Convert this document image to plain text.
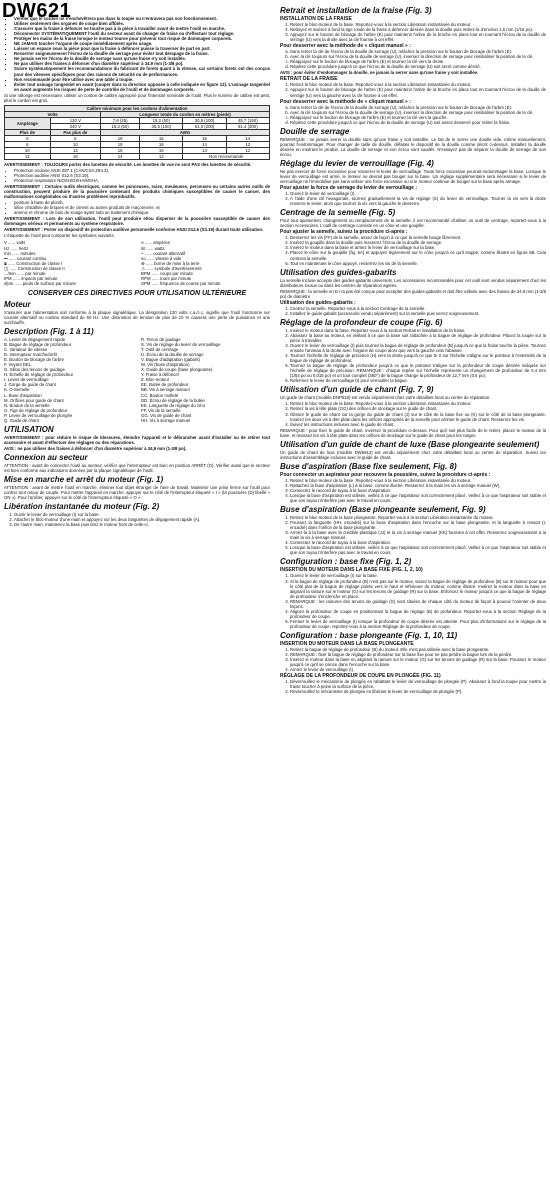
DW621
▪ Vérifier que le cordon ne s'enchevêtrera pas dans la toupie ou n'entravera pas son fonctionnement.
▪ Utiliser seulement des organes de coupe bien affûtés.
▪ S'assurer que la fraise à défoncer ne touche pas à la pièce à travailler avant de mettre l'outil en marche.
▪ Déconnecter SYSTÉMATIQUEMENT l'outil du secteur avant de changer de fraise ou d'effectuer tout réglage.
▪ Protéger les mains de la fraise lorsque le moteur tourne pour prévenir tout risque de dommages corporels.
▪ NE JAMAIS toucher l'organe de coupe immédiatement après usage.
▪ Laisser un espace sous la pièce pour que la fraise à défoncer puisse la traverser de part en part.
▪ Resserrer soigneusement l'écrou de la douille de serrage pour éviter tout dérapage de la fraise.
▪ Ne jamais serrer l'écrou de la douille de serrage sans qu'une fraise n'y soit installée.
▪ Ne pas utiliser des fraises à défoncer d'un diamètre supérieur à 34,9 mm (1-3/8 po).
▪ Suivre systématiquement les recommandations du fabricant de forets quant à la vitesse, car certains forets ont des conçus pour des vitesses spécifiques pour des raisons de sécurité ou de performances.
▪ Non recommandé pour être utilisé avec une table à toupie.
▪ Éviter tout usinage tangentiel en avant (couper dans la direction opposée à celle indiquée en figure 12). L'usinage tangentiel en avant augmente les risques de perte de contrôle de l'outil et de dommages corporels.

Si une rallonge est nécessaire, utiliser un cordon de calibre approprié pour l'intensité nominale de l'outil. Plus le numéro de calibre est petit, plus le cordon est gros.

Calibre minimum pour les cordons d'alimentation					
Volts		Longueur totale du cordon en mètres (pieds)			
Ampérage	120 V	7,6 (25)	15,2 (50)	30,5 (100)	45,7 (150)
	240 V	15,2 (50)	30,5 (100)	61,0 (200)	91,4 (300)
Plus de	Pas plus de	AWG			
0	6	18	16	16	14
6	10	18	16	14	12
10	12	16	16	14	12
12	16	14	12	Non recommandé	

AVERTISSEMENT : TOUJOURS porter des lunettes de sécurité. Les lunettes de vue ne sont PAS des lunettes de sécurité.

• Protection oculaire ANSI Z87.1 (CAN/CSA Z94.3),
• Protection auditive ANSI S12.6 (S3.19),
• Protection respiratoire NIOSH/OSHA/MSHA.

AVERTISSEMENT : Certains outils électriques, comme les ponceuses, scies, meuleuses, perceuses ou certains autres outils de construction, peuvent produire de la poussière contenant des produits chimiques susceptibles de causer le cancer, des malformations congénitales ou d'autres problèmes reproductifs.

• peinture à base de plomb,
• silice cristalline de briques et de ciment ou autres produits de maçonnerie, et
• arsenic et chrome de bois de sciage ayant subi un traitement chimique.

AVERTISSEMENT : Lors de son utilisation, l'outil peut produire et/ou disperser de la poussière susceptible de causer des dommages sérieux et permanents au système respiratoire.

AVERTISSEMENT : Porter un dispositif de protection auditive personnelle conforme ANSI S12.6 (S3.19) durant toute utilisation.

L'étiquette de l'outil peut comporter les symboles suivants.

V ...... volts	A ...... ampères
Hz ...... hertz	W ...... watts
min ...... minutes	~ ...... courant alternatif
⎓ ...... courant continu	no ...... vitesse à vide
⧈ ...... Construction de classe I	⊕ ...... borne de mise à la terre
◫ ...... Construction de classe II	⚠ ...... symbole d'avertissement
.../min ...... par minute	BPM ...... coups par minute
IPM ...... impacts par minute	RPM ...... tours par minute
sfpm ...... pieds de surface par minute	SPM ...... fréquence de course par minute
CONSERVER CES DIRECTIVES POUR UTILISATION ULTÉRIEURE
Moteur

S'assurer que l'alimentation soit conforme à la plaque signalétique. La désignation 120 volts c.a./c.c. signifie que l'outil fonctionne sur courant alternatif ou continu standard de 60 Hz. Une diminution de tension de plus de 10 % causera une perte de puissance et une surchauffe.

Description (Fig. 1 à 11)
A. Levier de dégagement rapide	R. Tenon de guidage
B. Bague de réglage de profondeur	S. Vis de réglage du levier de verrouillage
C. Variateur de vitesse	T. Outil de centrage
D. Interrupteur marche/arrêt	U. Écrou de la douille de serrage
E. Bouton de blocage de l'arbre	V. Bague d'adaptation (gabarit)
F. Voyant DEL	W. Vis (buse d'aspiration)
G. Sillon des tenons de guidage	X. Guide de coupe (base plongeante)
H. Échelle de réglage de profondeur	Y. Fraise à défoncer
I. Levier de verrouillage	Z. Bloc-moteur
J. Gorge du guide de chant	EE. Butée de profondeur
K. O-Semelle	BB. Vis à serrage manuel
L. Buse d'aspiration	CC. Bouton molleté
M. Orifices pour guide de chant	DD. Écrou de réglage de la butée
N. Bouton de la semelle	EE. Languette de réglage du zéro
O. Tige de réglage de profondeur	FF. Vis de la semelle
P. Levier de verrouillage de plongée	GG. Vis de guide de chant
Q. Guide de chant	HH. Vis à serrage manuel
UTILISATION

AVERTISSEMENT : pour réduire le risque de blessures, éteindre l'appareil et le débrancher avant d'installer ou de retirer tout accessoire et avant d'effectuer des réglages ou des réparations.

AVIS : ne pas utiliser des fraises à défoncer d'un diamètre supérieur à 34,9 mm (1-3/8 po).

Connexion au secteur

ATTENTION : avant de connecter l'outil au secteur, vérifier que l'interrupteur est bien en position ARRÊT (O). Vérifier aussi que le secteur est bien conforme aux indications données par la plaque signalétique de l'outil.

Mise en marche et arrêt du moteur (Fig. 1)

ATTENTION : avant de mettre l'outil en marche, éliminer tout objet étranger de l'aire de travail. Maintenir une prise ferme sur l'outil pour contrer tout retour de couple. Pour mettre l'appareil en marche, appuyer sur le côté de l'interrupteur étiqueté « I » (la poussière (D) libellé « ON »). Pour l'arrêter, appuyer sur le côté de l'interrupteur étiqueté « O ».

Libération instantanée du moteur (Fig. 2)
1. Ouvrir le levier de verrouillage (I) sur la base.
2. Attacher le bloc-moteur d'une main et appuyez sur les deux languettes de dégagement rapide (A).
3. De l'autre main, maintenez la base puis tirez le moteur hors de celle-ci.
Retrait et installation de la fraise (Fig. 3)
INSTALLATION DE LA FRAISE
1. Retirez le bloc-moteur de la base. Reportez-vous à la section Libération instantanée du moteur.
2. Nettoyez et insérez à fond la tige ronde de la fraise à défoncer désirée dans la douille puis retirez-la d'environ 1,6 mm (1/16 po).
3. Appuyez sur le bouton de blocage de l'arbre (E) pour maintenir l'arbre de la broche en place tout en tournant l'écrou de la douille de serrage (U) vers la droite avec la clé fournie à cet effet.
Pour desserrer avec la méthode de « cliquet manuel » :
a. Sans retirer la clé de l'écrou de la douille de serrage (U), relâchez la pression sur le bouton de blocage de l'arbre (E).
b. Avec la clé toujours sur l'écrou de la douille de serrage (U), inversez la direction de serrage pour réinitialiser la position de la clé.
c. Réappuyez sur le bouton de blocage de l'arbre (E) et tournez la clé vers la droite.
d. Répétez cette procédure jusqu'à ce que l'écrou de la douille de serrage (U) soit serré comme désiré.

AVIS : pour éviter d'endommager la douille, ne jamais la serrer sans qu'une fraise y soit installée.

RETRAIT DE LA FRAISE
1. Retirez le bloc-moteur de la base. Reportez-vous à la section Libération instantanée du moteur.
2. Appuyez sur le bouton de blocage de l'arbre (E) pour maintenir l'arbre de la broche en place tout en tournant l'écrou de la douille de serrage (U) vers la gauche avec la clé fournie à cet effet.
Pour desserrer avec la méthode de « cliquet manuel » :
a. Sans retirer la clé de l'écrou de la douille de serrage (U), relâchez la pression sur le bouton de blocage de l'arbre (E).
b. Avec la clé toujours sur l'écrou de la douille de serrage (U), inversez la direction de serrage pour réinitialiser la position de la clé.
c. Réappuyez sur le bouton de blocage de l'arbre (E) et tournez la clé vers la gauche.
d. Répétez cette procédure jusqu'à ce que l'écrou de la douille de serrage (U) soit assez desserré pour retirer la fraise.
Douille de serrage

REMARQUE : ne jamais serrer la douille sans qu'une fraise y soit installée. Le fait de le serrer une douille vide, même manuellement, pourrait l'endommager. Pour changer de taille de douille, défaites le dispositif de la douille comme décrit ci-dessus. Installez la douille désirée en insérant le produit. La douille de serrage et son écrou sont soudés. N'essayez pas de séparer la douille de serrage de son écrou.

Réglage du levier de verrouillage (Fig. 4)

Ne pas exercer de force excessive pour resserrer le levier de verrouillage. Toute force excessive pourrait endommager la base. Lorsque le levier de verrouillage est armé, le moteur ne devrait pas bouger sur la base. Un réglage supplémentaire sera nécessaire si le levier de verrouillage ne l'immobilise pas sans utiliser une force excessive ou si le moteur continue de bouger sur la base après armage.

Pour ajuster la force de serrage du levier de verrouillage :
1. Ouvrez le levier de verrouillage (I).
2. À l'aide d'une clé hexagonale, tournez graduellement la vis de réglage (S) du levier de verrouillage. Tourner la vis vers la droite resserre le levier, alors que tourner la vis vers la gauche le desserre.
Centrage de la semelle (Fig. 5)

Pour tout ajustement, changement ou remplacement de la semelle, il est recommandé d'utiliser un outil de centrage, reportez-vous à la section Accessoires. L'outil de centrage consiste en un cône et une goupille.

Pour ajuster la semelle, suivez la procédure ci-après :
1. Desserrez les vis (FF) de la semelle, assez de façon à ce que la semelle bouge librement.
2. Insérez la goupille dans la douille puis resserrez l'écrou de la douille de serrage.
3. Insérez le moteur dans la base et armez le levier de verrouillage sur la base.
4. Placez le cône sur la goupille (fig. 5A) et appuyez légèrement sur le cône jusqu'à ce qu'il stoppe, comme illustré en figure 5B. Cela centrera la semelle.
5. Tout en maintenant le cône appuyé, resserrez les vis de la semelle.
Utilisation des guides-gabarits

La semelle incluse accepte des guides-gabarits universels. Les accessoires recommandés pour cet outil sont vendus séparément chez les distributeurs locaux ou dans les centres de réparation agréés.

REMARQUE : la semelle en D n'a pas été conçue pour accepter des guides-gabarits et doit être utilisée avec des fraises de 34,9 mm (1-3/8 po) de diamètre.

Utilisation des guides-gabarits :
1. Centrez la semelle. Reportez-vous à la section Centrage de la semelle.
2. Installez le guide-gabarit (accessoire vendu séparément) sur la semelle puis serrez soigneusement.
Réglage de la profondeur de coupe (Fig. 6)
1. Insérez le moteur dans la base. Reportez-vous à la section Retrait et installation de la fraise.
2. Abaissez la base au moteur, en veillant à ce que la base soit rattachée à la bague de réglage de profondeur. Placez la toupie sur la pièce à travailler.
3. Ouvrez le levier de verrouillage (I) puis tournez la bague de réglage de profondeur (B) jusqu'à ce que la fraise touche la pièce. Tournez ensuite l'anneau à la droite avec l'organe de coupe alors que vers la gauche cela l'abaisse.
4. Tournez l'échelle de réglage de précision (H) vers la droite jusqu'à ce que le 0 sur l'échelle s'aligne sur le pointeur à l'extrémité de la bague de réglage de profondeur.
5. Tournez la bague de réglage de profondeur jusqu'à ce que le pointeur s'aligne sur la profondeur de coupe désirée indiquée sur l'échelle de réglage de précision. REMARQUE : chaque repère sur l'échelle représente un changement de profondeur de 0,4 mm (1/64 po ou 0,015 po) et un tour complet (360°) de la bague change la profondeur de 12,7 mm (0,5 po).
6. Refermez le levier de verrouillage (I) pour verrouiller la bague.
Utilisation d'un guide de chant (Fig. 7, 9)

Un guide de chant (modèle DNP618) est vendu séparément chez votre détaillant local ou centre de réparation.

1. Retirez le bloc-moteur de la base. Reportez-vous à la section Libération instantanée du moteur.
2. Retirez la vis à tête plate (GG) des orifices de stockage sur le guide de chant.
3. Glissez le guide de chant sur la gorge du guide de chant (J) sur le côté de la base fixe ou (K) sur le côté de la base plongeante. Insérez les deux vis à tête plate dans les orifices appropriés de la semelle pour arrimer le guide de chant. Resserrez les vis.
4. Suivez les instructions incluses avec le guide de chant.

REMARQUE : pour fixer le guide de chant, inversez la procédure ci-dessus. Pour qu'il soit plus facile de le retirer, placez le moteur de la base, et revissez les vis à tête plate dans les orifices de stockage sur le guide de chant pour les ranger.

Utilisation d'un guide de chant de luxe (Base plongeante seulement)

Un guide de chant de luxe (modèle DW6913) est vendu séparément chez votre détaillant local ou centre de réparation. Suivez les instructions d'assemblage incluses avec le guide de chant.

Buse d'aspiration (Base fixe seulement, Fig. 8)
Pour connecter un aspirateur pour recouvrer la poussière, suivez la procédure ci-après :
1. Retirez le bloc-moteur de la base. Reportez-vous à la section Libération instantanée du moteur.
2. Rattachez la buse d'aspiration (L) à la base, comme illustré. Resserrez à la main les vis à serrage manuel (W).
3. Connectez le raccord de tuyau à la buse d'aspiration.
4. Lorsque la buse d'aspiration est utilisée, veillez à ce que l'aspirateur soit correctement placé. Veillez à ce que l'aspirateur soit stable et que son tuyau n'interfère pas avec le travail en cours.
Buse d'aspiration (Base plongeante seulement, Fig. 9)
1. Retirez le bloc-moteur de la base plongeante. Reportez-vous à la section Libération instantanée du moteur.
2. Poussez la languette (HH, encadré) sur la buse d'aspiration dans l'encoche sur la base plongeante, et la languette à ressort (I, encadré) dans l'orifice de la base plongeante.
3. Armez-la à la base avec la crédible plastique (JJ) et la vis à serrage manuel (KK) fournies à cet effet. Resserrez soigneusement à la main la vis à serrage manuel.
4. Connectez le raccord de tuyau à la buse d'aspiration.
5. Lorsque la buse d'aspiration est utilisée, veillez à ce que l'aspirateur soit correctement placé. Veillez à ce que l'aspirateur soit stable et que son tuyau n'interfère pas avec le travail en cours.
Configuration : base fixe (Fig. 1, 2)
INSERTION DU MOTEUR DANS LA BASE FIXE (FIG. 1, 2, 10)
1. Ouvrez le levier de verrouillage (I) sur la base.
2. Si la bague de réglage de profondeur (B) n'est pas sur le moteur, vissez la bague de réglage de profondeur (B) sur le moteur pour que le côté plat de la bague de réglage pointe vers le haut et inférieure du moteur, comme illustré. Insérez le moteur dans la base en alignant la rainure sur le moteur (G) sur les tenons de guidage (R) sur la base. Enfoncez le moteur jusqu'à ce que la bague de réglage de profondeur s'enclenche en place.
3. REMARQUE : les rainures des tenons de guidage (G) sont situées de chaque côté du moteur de façon à pouvoir l'orienter de deux façons.
4. Alignez la profondeur de coupe en positionnant la bague de réglage (B) de profondeur. Reportez-vous à la section Réglage de la profondeur de coupe.
5. Fermez le levier de verrouillage (I) lorsque la profondeur de coupe désirée est atteinte. Pour plus d'informations sur le réglage de la profondeur de coupe, reportez-vous à la section Réglage de la profondeur de coupe.
Configuration : base plongeante (Fig. 1, 10, 11)
INSERTION DU MOTEUR DANS LA BASE PLONGEANTE
1. Retirez la bague de réglage de profondeur (B) du moteur. Elle n'est pas utilisée avec la base plongeante.
2. REMARQUE : fixer la bague de réglage de profondeur sur la base fixe pour ne pas perdre la bague lors de la perdre.
3. Insérez le moteur dans la base en alignant la rainure sur le moteur (G) sur les tenons de guidage (R) sur la base. Poussez le moteur jusqu'à ce qu'il se coince dans l'encoche sur la base.
4. Armez le levier de verrouillage (I).
RÉGLAGE DE LA PROFONDEUR DE COUPE EN PLONGÉE (FIG. 11)
1. Déverrouillez le mécanisme de plongée en rabattant le levier de verrouillage de plongée (P). Abaissez à fond la toupie pour mettre la fraise toucher à peine la surface de la pièce.
2. Reverrouillez le mécanisme de plongée en libérant le levier de verrouillage de plongée (P).
